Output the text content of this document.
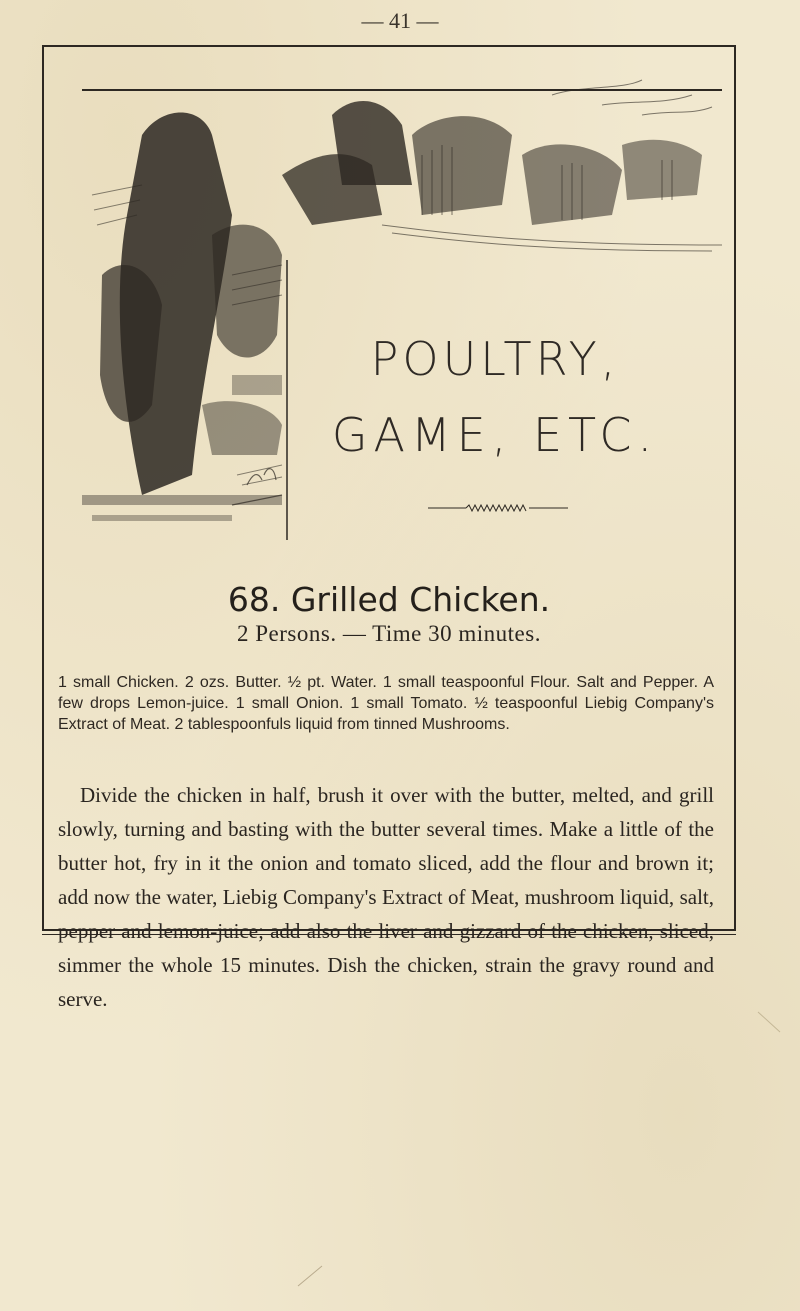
— 41 —
POULTRY,
GAME, ETC.
68. Grilled Chicken.
2 Persons. — Time 30 minutes.

1 small Chicken. 2 ozs. Butter. ½ pt. Water. 1 small teaspoonful Flour. Salt and Pepper. A few drops Lemon-juice. 1 small Onion. 1 small Tomato. ½ teaspoonful Liebig Company's Extract of Meat. 2 tablespoonfuls liquid from tinned Mushrooms.

Divide the chicken in half, brush it over with the butter, melted, and grill slowly, turning and basting with the butter several times. Make a little of the butter hot, fry in it the onion and tomato sliced, add the flour and brown it; add now the water, Liebig Company's Extract of Meat, mushroom liquid, salt, pepper and lemon-juice; add also the liver and gizzard of the chicken, sliced, simmer the whole 15 minutes. Dish the chicken, strain the gravy round and serve.
